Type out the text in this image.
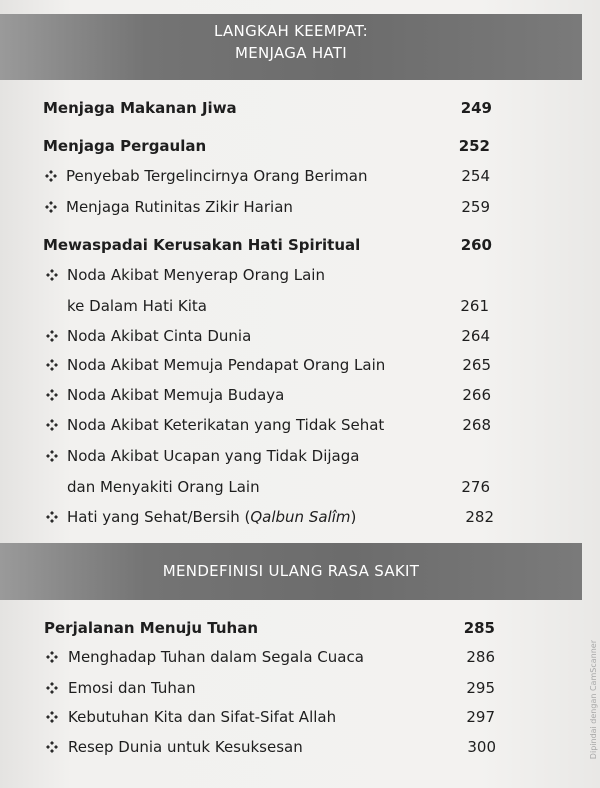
LANGKAH KEEMPAT:
MENJAGA HATI
Menjaga Makanan Jiwa	249
Menjaga Pergaulan	252
Penyebab Tergelincirnya Orang Beriman	254
Menjaga Rutinitas Zikir Harian	259
Mewaspadai Kerusakan Hati Spiritual	260
Noda Akibat Menyerap Orang Lain
ke Dalam Hati Kita	261
Noda Akibat Cinta Dunia	264
Noda Akibat Memuja Pendapat Orang Lain	265
Noda Akibat Memuja Budaya	266
Noda Akibat Keterikatan yang Tidak Sehat	268
Noda Akibat Ucapan yang Tidak Dijaga
dan Menyakiti Orang Lain	276
Hati yang Sehat/Bersih (Qalbun Salîm)	282
MENDEFINISI ULANG RASA SAKIT
Perjalanan Menuju Tuhan	285
Menghadap Tuhan dalam Segala Cuaca	286
Emosi dan Tuhan	295
Kebutuhan Kita dan Sifat-Sifat Allah	297
Resep Dunia untuk Kesuksesan	300	Dipindai dengan CamScanner
